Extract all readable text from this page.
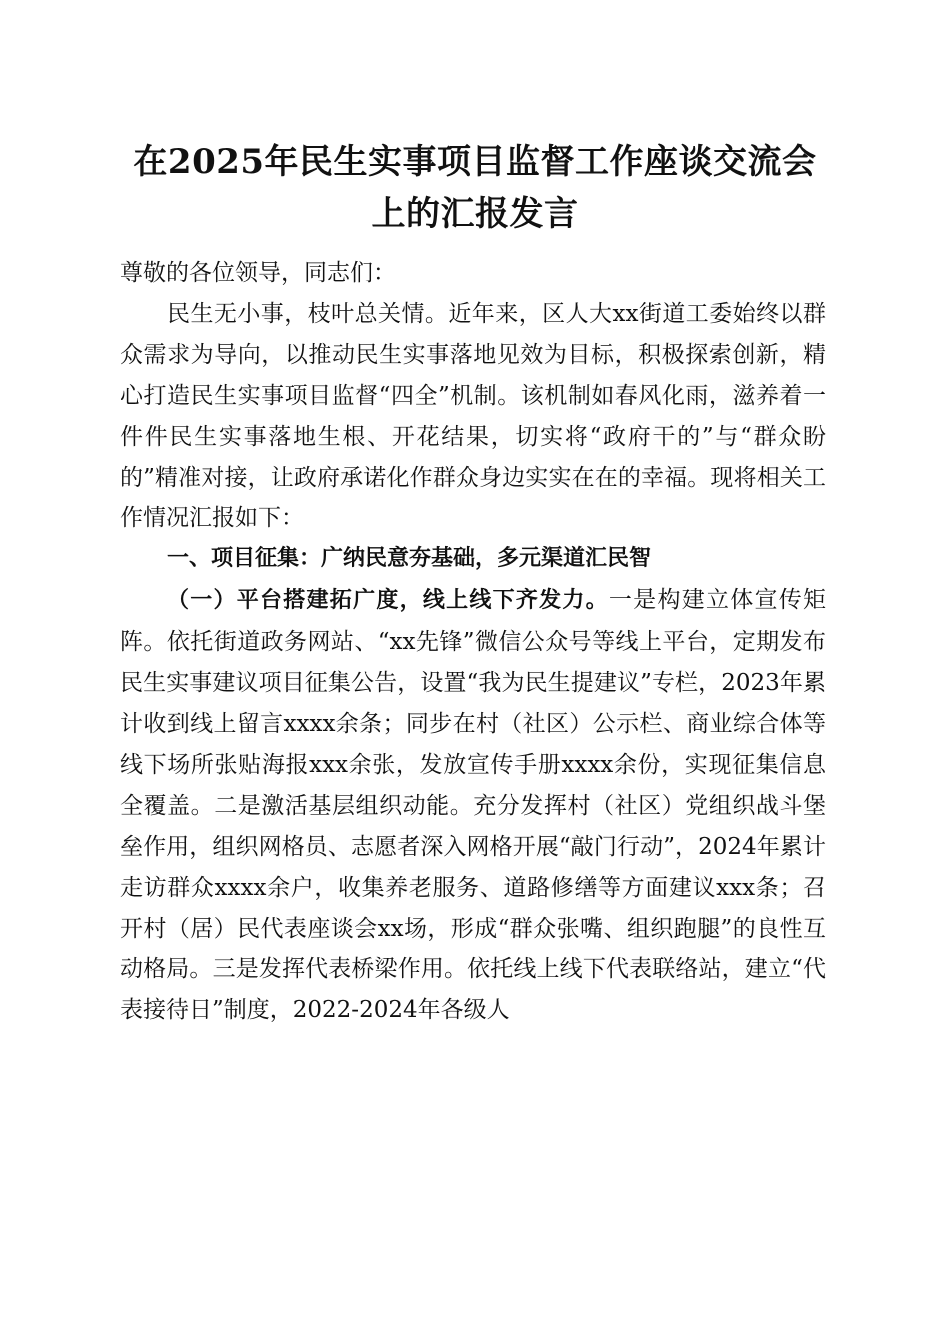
在2025年民生实事项目监督工作座谈交流会
上的汇报发言

尊敬的各位领导，同志们：

民生无小事，枝叶总关情。近年来，区人大xx街道工委始终以群众需求为导向，以推动民生实事落地见效为目标，积极探索创新，精心打造民生实事项目监督“四全”机制。该机制如春风化雨，滋养着一件件民生实事落地生根、开花结果，切实将“政府干的”与“群众盼的”精准对接，让政府承诺化作群众身边实实在在的幸福。现将相关工作情况汇报如下：

一、项目征集：广纳民意夯基础，多元渠道汇民智

（一）平台搭建拓广度，线上线下齐发力。一是构建立体宣传矩阵。依托街道政务网站、“xx先锋”微信公众号等线上平台，定期发布民生实事建议项目征集公告，设置“我为民生提建议”专栏，2023年累计收到线上留言xxxx余条；同步在村（社区）公示栏、商业综合体等线下场所张贴海报xxx余张，发放宣传手册xxxx余份，实现征集信息全覆盖。二是激活基层组织动能。充分发挥村（社区）党组织战斗堡垒作用，组织网格员、志愿者深入网格开展“敲门行动”，2024年累计走访群众xxxx余户，收集养老服务、道路修缮等方面建议xxx条；召开村（居）民代表座谈会xx场，形成“群众张嘴、组织跑腿”的良性互动格局。三是发挥代表桥梁作用。依托线上线下代表联络站，建立“代表接待日”制度，2022-2024年各级人
